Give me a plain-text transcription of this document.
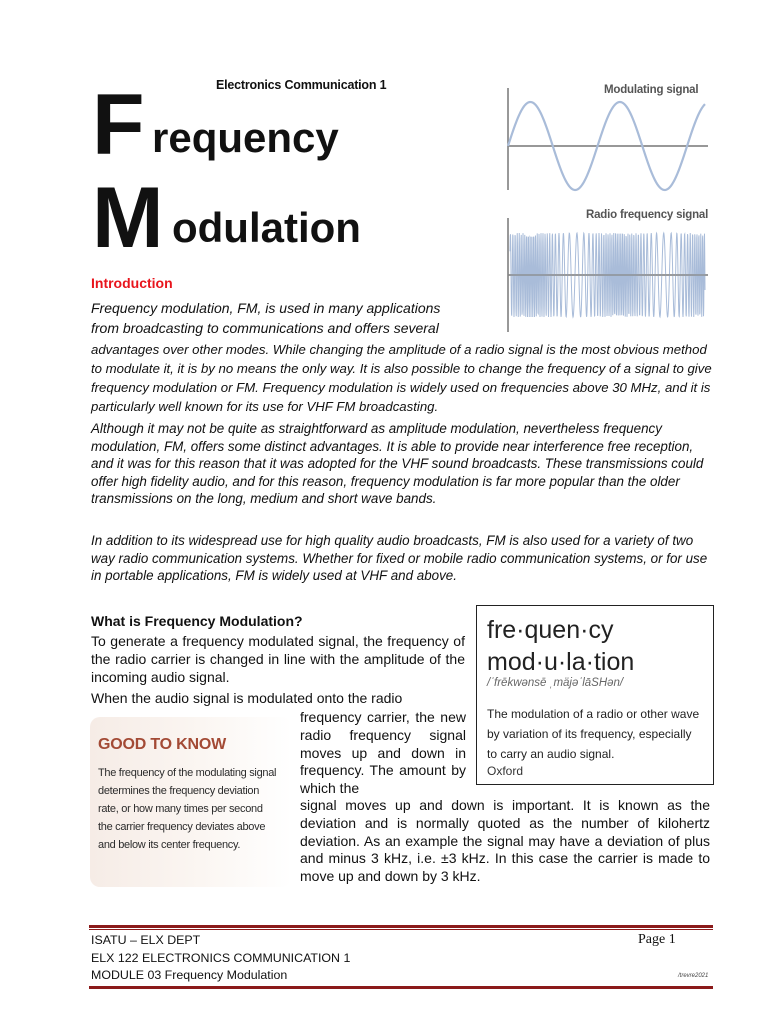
Electronics Communication 1
F requency
M odulation
Modulating signal
Radio frequency signal
Introduction
Frequency modulation, FM, is used in many applications from broadcasting to communications and offers several
advantages over other modes. While changing the amplitude of a radio signal is the most obvious method to modulate it, it is by no means the only way. It is also possible to change the frequency of a signal to give frequency modulation or FM. Frequency modulation is widely used on frequencies above 30 MHz, and it is particularly well known for its use for VHF FM broadcasting.
Although it may not be quite as straightforward as amplitude modulation, nevertheless frequency modulation, FM, offers some distinct advantages. It is able to provide near interference free reception, and it was for this reason that it was adopted for the VHF sound broadcasts. These transmissions could offer high fidelity audio, and for this reason, frequency modulation is far more popular than the older transmissions on the long, medium and short wave bands.
In addition to its widespread use for high quality audio broadcasts, FM is also used for a variety of two way radio communication systems. Whether for fixed or mobile radio communication systems, or for use in portable applications, FM is widely used at VHF and above.
What is Frequency Modulation?
To generate a frequency modulated signal, the frequency of the radio carrier is changed in line with the amplitude of the incoming audio signal.
When the audio signal is modulated onto the radio
frequency carrier, the new radio frequency signal moves up and down in frequency. The amount by which the
signal moves up and down is important. It is known as the deviation and is normally quoted as the number of kilohertz deviation. As an example the signal may have a deviation of plus and minus 3 kHz, i.e. ±3 kHz. In this case the carrier is made to move up and down by 3 kHz.
fre·quen·cy
mod·u·la·tion
/ˈfrēkwənsē ˌmäjəˈlāSHən/
The modulation of a radio or other wave by variation of its frequency, especially to carry an audio signal.
Oxford
GOOD TO KNOW
The frequency of the modulating signal determines the frequency deviation rate, or how many times per second the carrier frequency deviates above and below its center frequency.
ISATU – ELX DEPT
ELX 122 ELECTRONICS COMMUNICATION 1
MODULE 03 Frequency Modulation
Page 1
/trevre2021
